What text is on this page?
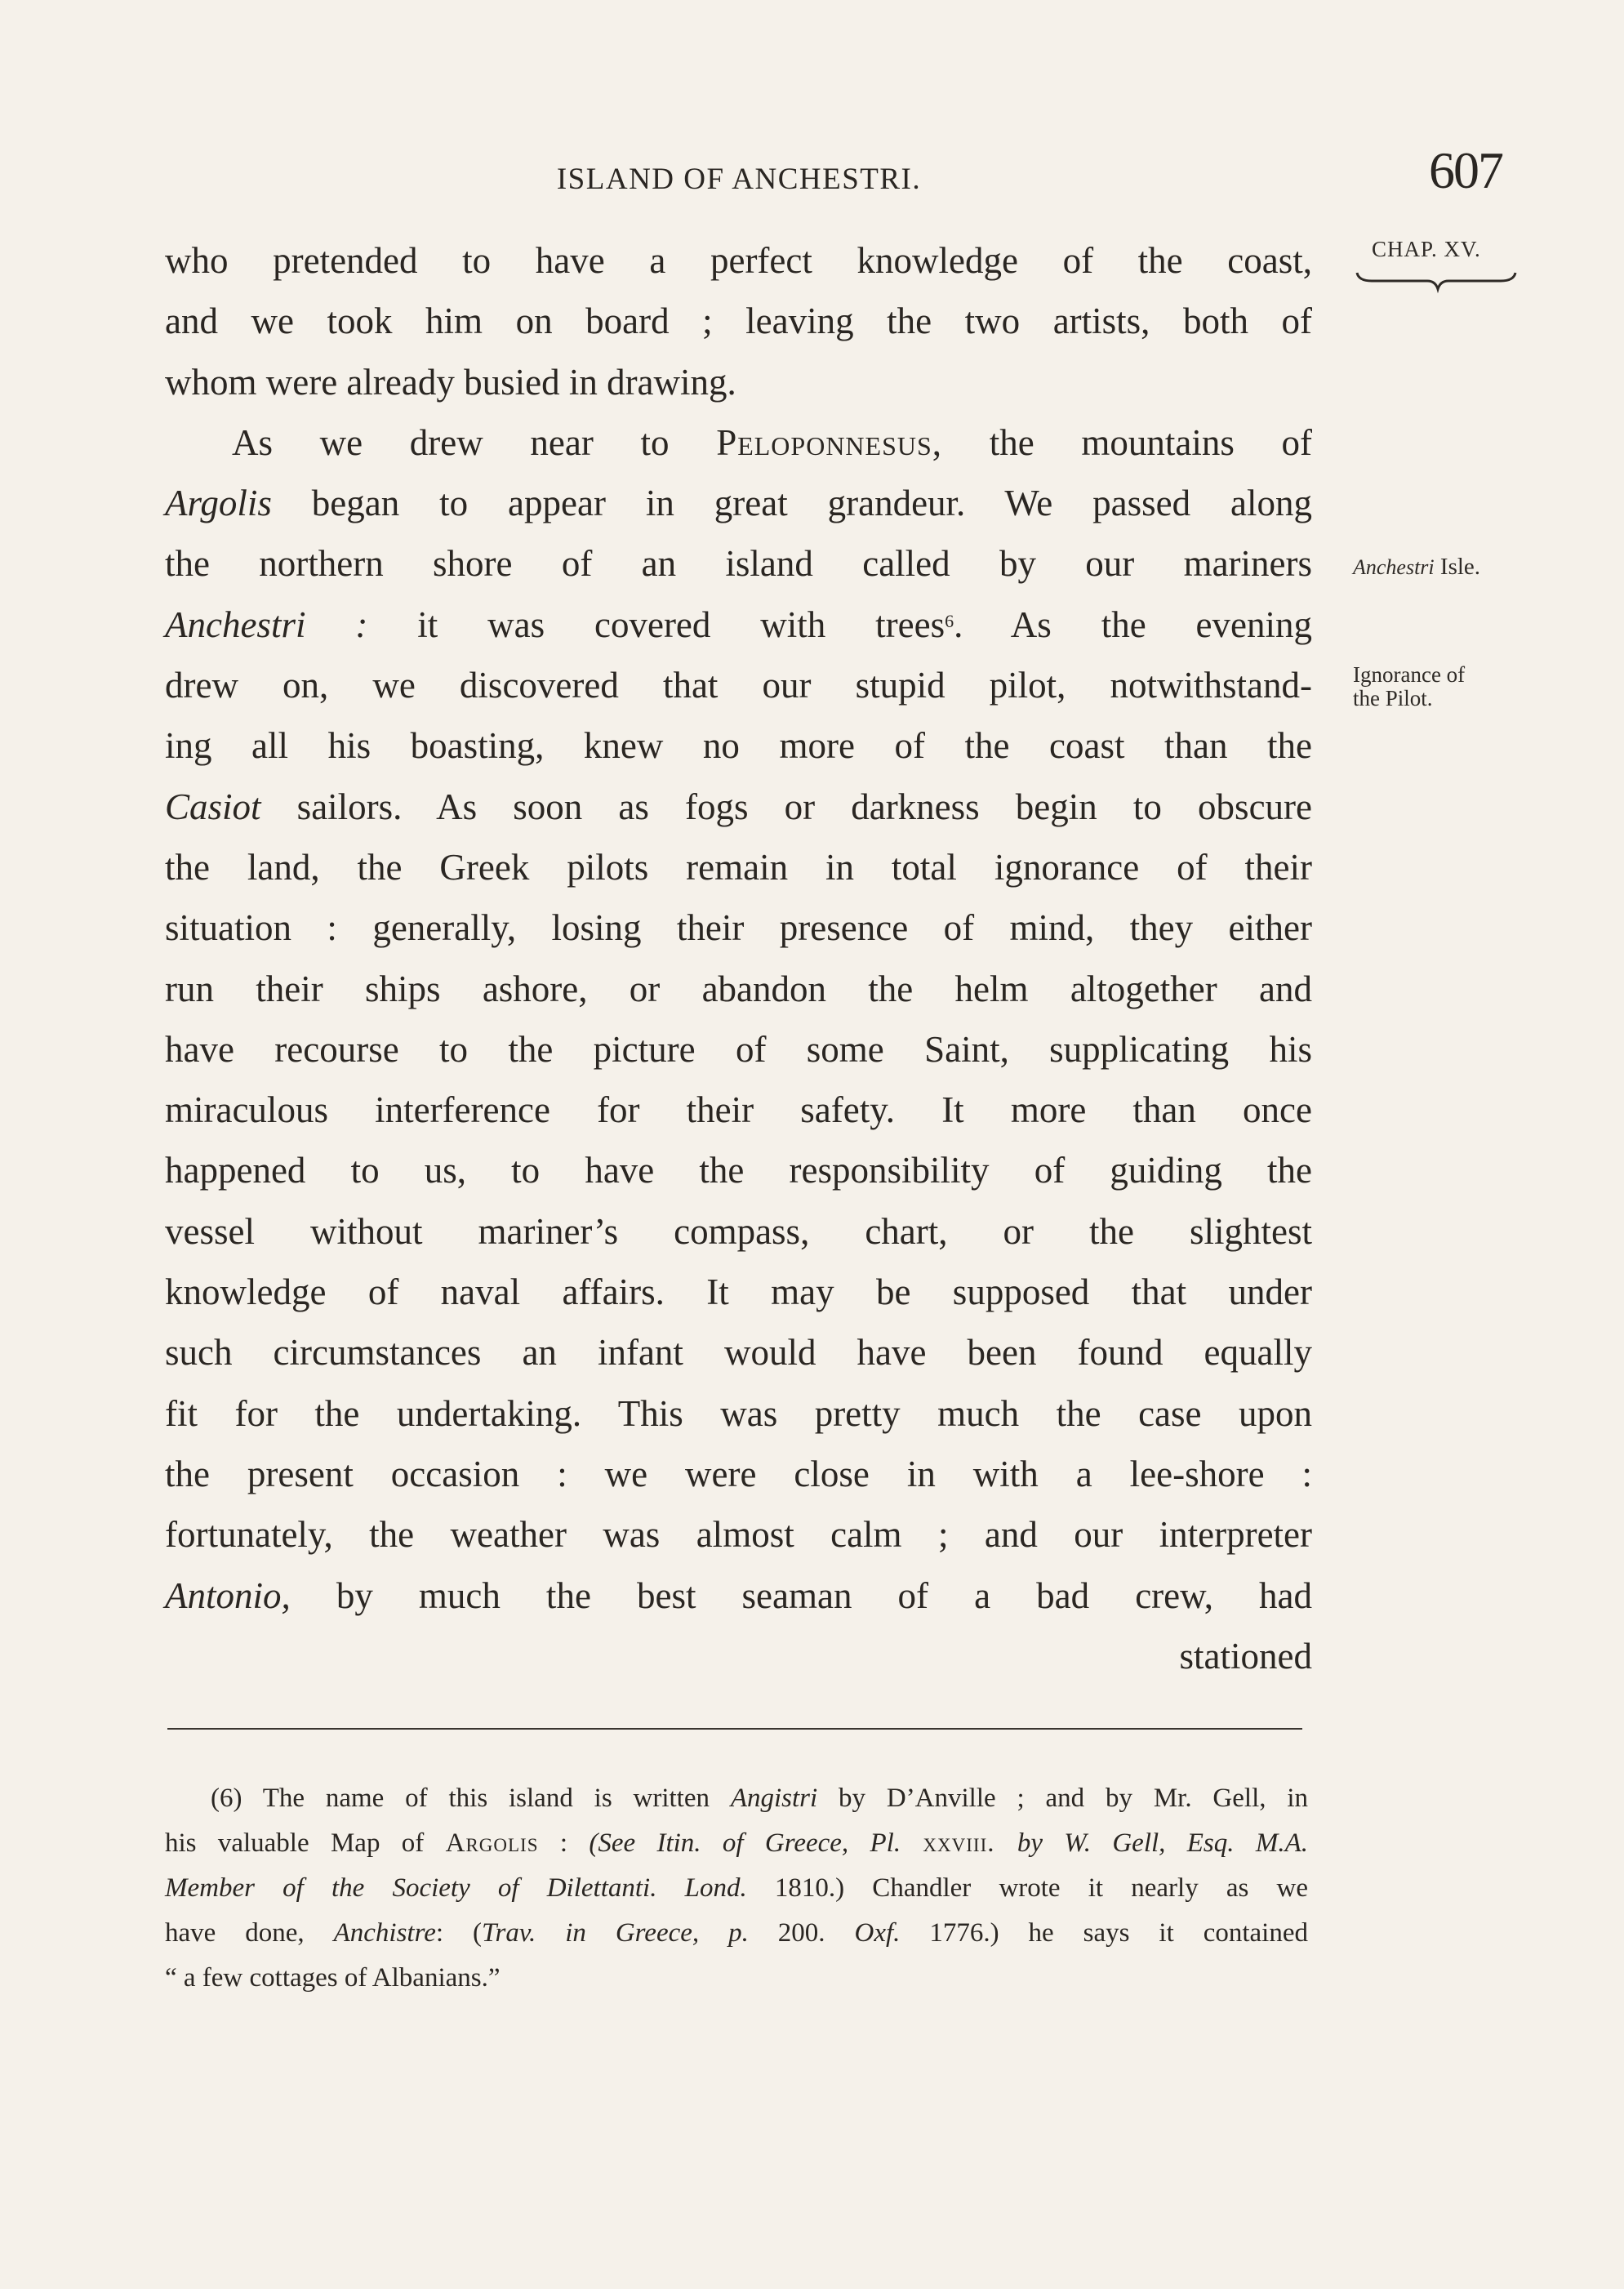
ISLAND OF ANCHESTRI.	607
CHAP. XV.
Anchestri Isle.
Ignorance of
the Pilot.
who pretended to have a perfect knowledge of the coast,
and we took him on board ; leaving the two artists, both of
whom were already busied in drawing.
As we drew near to Peloponnesus, the mountains of
Argolis began to appear in great grandeur. We passed along
the northern shore of an island called by our mariners
Anchestri : it was covered with trees$^6$. As the evening
drew on, we discovered that our stupid pilot, notwithstand-
ing all his boasting, knew no more of the coast than the
Casiot sailors. As soon as fogs or darkness begin to obscure
the land, the Greek pilots remain in total ignorance of their
situation : generally, losing their presence of mind, they either
run their ships ashore, or abandon the helm altogether and
have recourse to the picture of some Saint, supplicating his
miraculous interference for their safety. It more than once
happened to us, to have the responsibility of guiding the
vessel without mariner’s compass, chart, or the slightest
knowledge of naval affairs. It may be supposed that under
such circumstances an infant would have been found equally
fit for the undertaking. This was pretty much the case upon
the present occasion : we were close in with a lee-shore :
fortunately, the weather was almost calm ; and our interpreter
Antonio, by much the best seaman of a bad crew, had
stationed
(6) The name of this island is written Angistri by D’Anville ; and by Mr. Gell, in
his valuable Map of Argolis : (See Itin. of Greece, Pl. xxviii. by W. Gell, Esq. M.A.
Member of the Society of Dilettanti. Lond. 1810.) Chandler wrote it nearly as we
have done, Anchistre: (Trav. in Greece, p. 200. Oxf. 1776.) he says it contained
“ a few cottages of Albanians.”
